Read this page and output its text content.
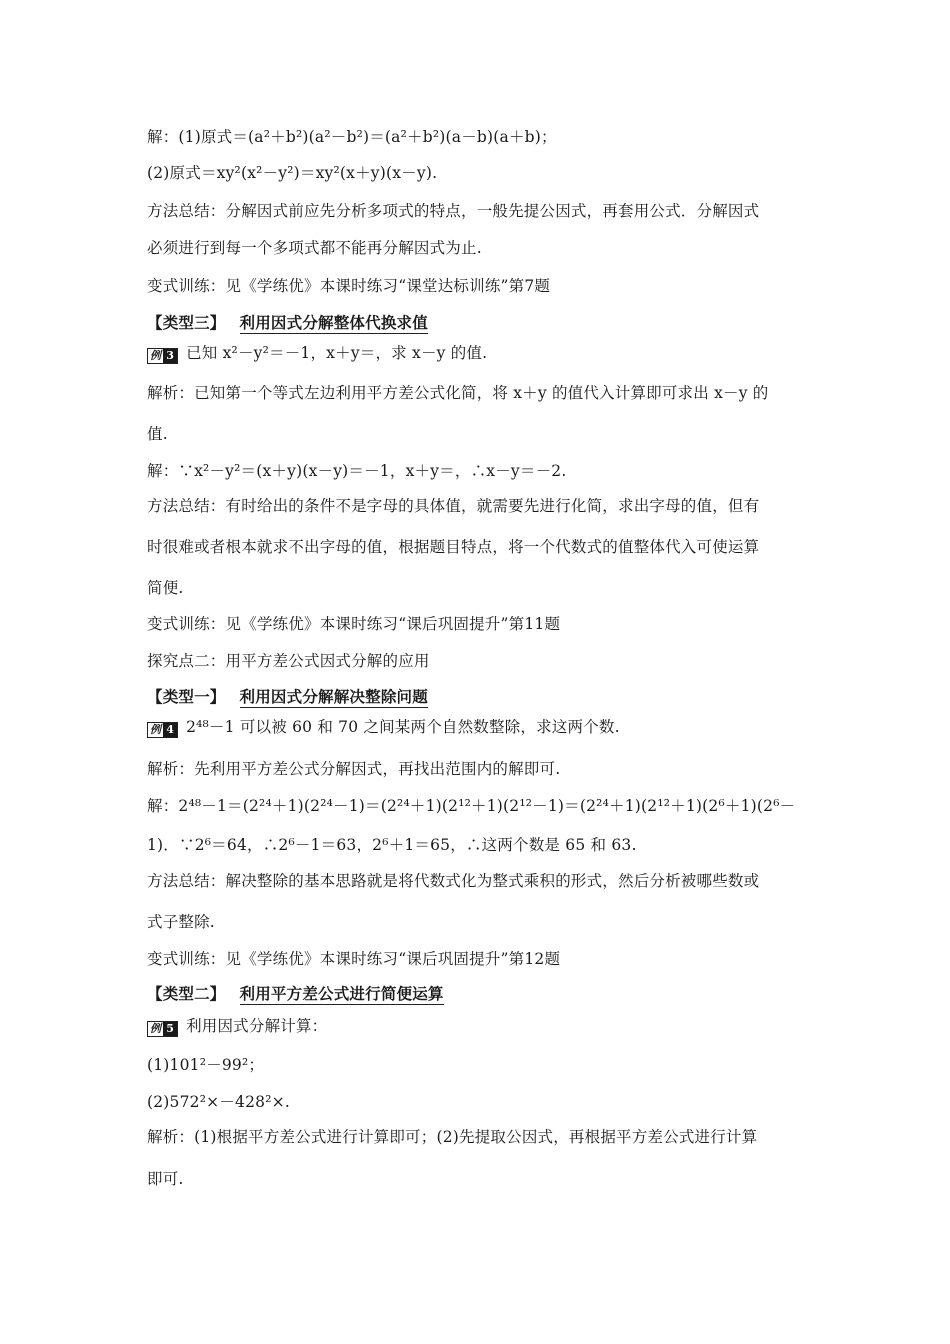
解：(1)原式＝(a²＋b²)(a²－b²)＝(a²＋b²)(a－b)(a＋b)；
(2)原式＝xy²(x²－y²)＝xy²(x＋y)(x－y).
方法总结：分解因式前应先分析多项式的特点，一般先提公因式，再套用公式．分解因式
必须进行到每一个多项式都不能再分解因式为止.
变式训练：见《学练优》本课时练习“课堂达标训练”第7题
【类型三】 利用因式分解整体代换求值
例 3 已知 x²－y²＝－1，x＋y＝，求 x－y 的值.
解析：已知第一个等式左边利用平方差公式化简，将 x＋y 的值代入计算即可求出 x－y 的
值.
解：∵x²－y²＝(x＋y)(x－y)＝－1，x＋y＝，∴x－y＝－2.
方法总结：有时给出的条件不是字母的具体值，就需要先进行化简，求出字母的值，但有
时很难或者根本就求不出字母的值，根据题目特点，将一个代数式的值整体代入可使运算
简便.
变式训练：见《学练优》本课时练习“课后巩固提升”第11题
探究点二：用平方差公式因式分解的应用
【类型一】 利用因式分解解决整除问题
例 4 2⁴⁸－1 可以被 60 和 70 之间某两个自然数整除，求这两个数.
解析：先利用平方差公式分解因式，再找出范围内的解即可.
解：2⁴⁸－1＝(2²⁴＋1)(2²⁴－1)＝(2²⁴＋1)(2¹²＋1)(2¹²－1)＝(2²⁴＋1)(2¹²＋1)(2⁶＋1)(2⁶－
1)．∵2⁶＝64，∴2⁶－1＝63，2⁶＋1＝65，∴这两个数是 65 和 63.
方法总结：解决整除的基本思路就是将代数式化为整式乘积的形式，然后分析被哪些数或
式子整除.
变式训练：见《学练优》本课时练习“课后巩固提升”第12题
【类型二】 利用平方差公式进行简便运算
例 5 利用因式分解计算：
(1)101²－99²；
(2)572²×－428²×.
解析：(1)根据平方差公式进行计算即可；(2)先提取公因式，再根据平方差公式进行计算
即可.
